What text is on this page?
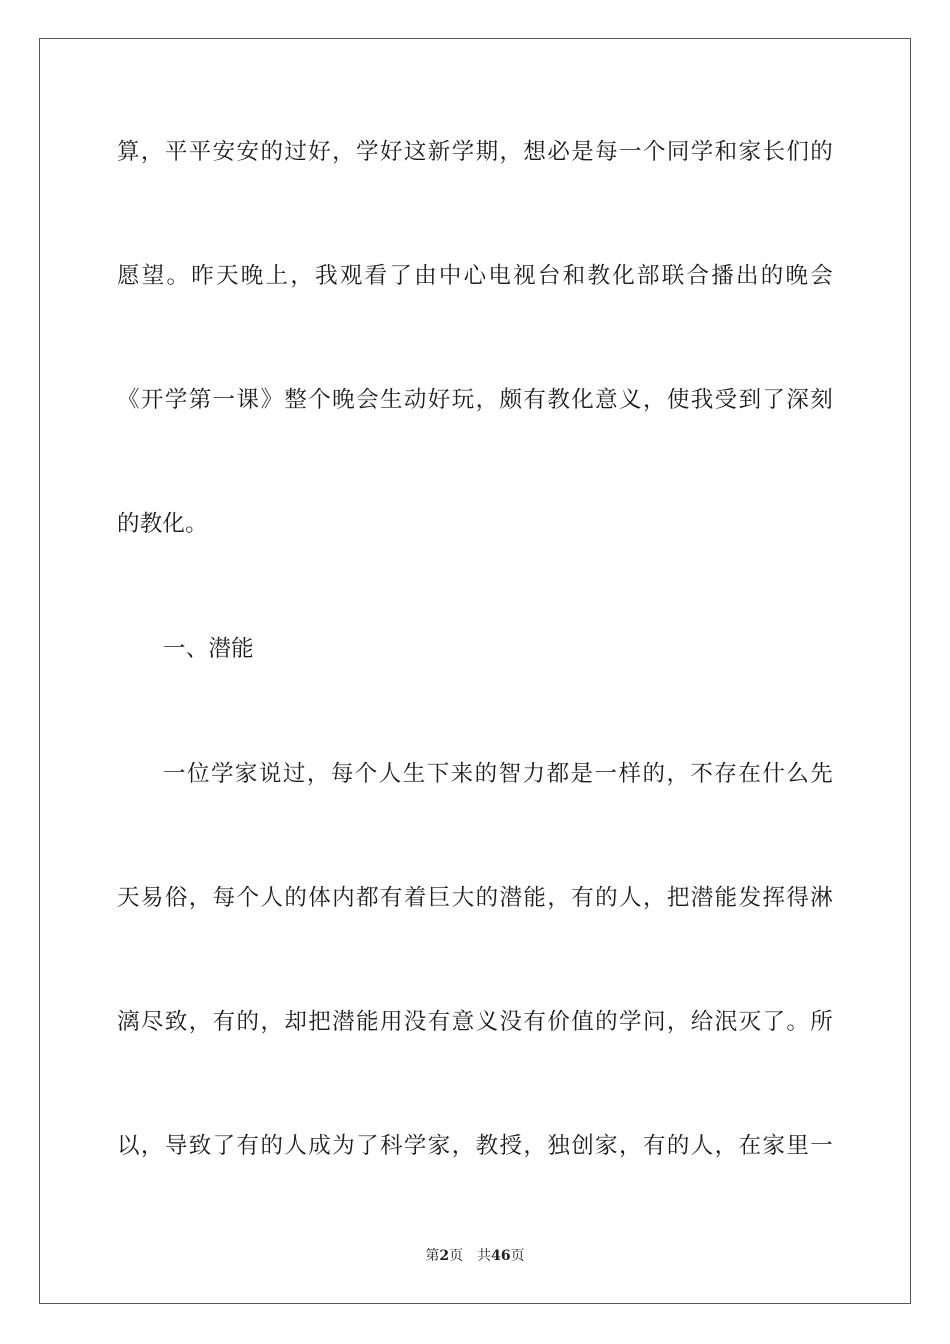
算，平平安安的过好，学好这新学期，想必是每一个同学和家长们的
愿望。昨天晚上，我观看了由中心电视台和教化部联合播出的晚会
《开学第一课》整个晚会生动好玩，颇有教化意义，使我受到了深刻
的教化。
一、潜能
一位学家说过，每个人生下来的智力都是一样的，不存在什么先
天易俗，每个人的体内都有着巨大的潜能，有的人，把潜能发挥得淋
漓尽致，有的，却把潜能用没有意义没有价值的学问，给泯灭了。所
以，导致了有的人成为了科学家，教授，独创家，有的人，在家里一
第2页 共46页
